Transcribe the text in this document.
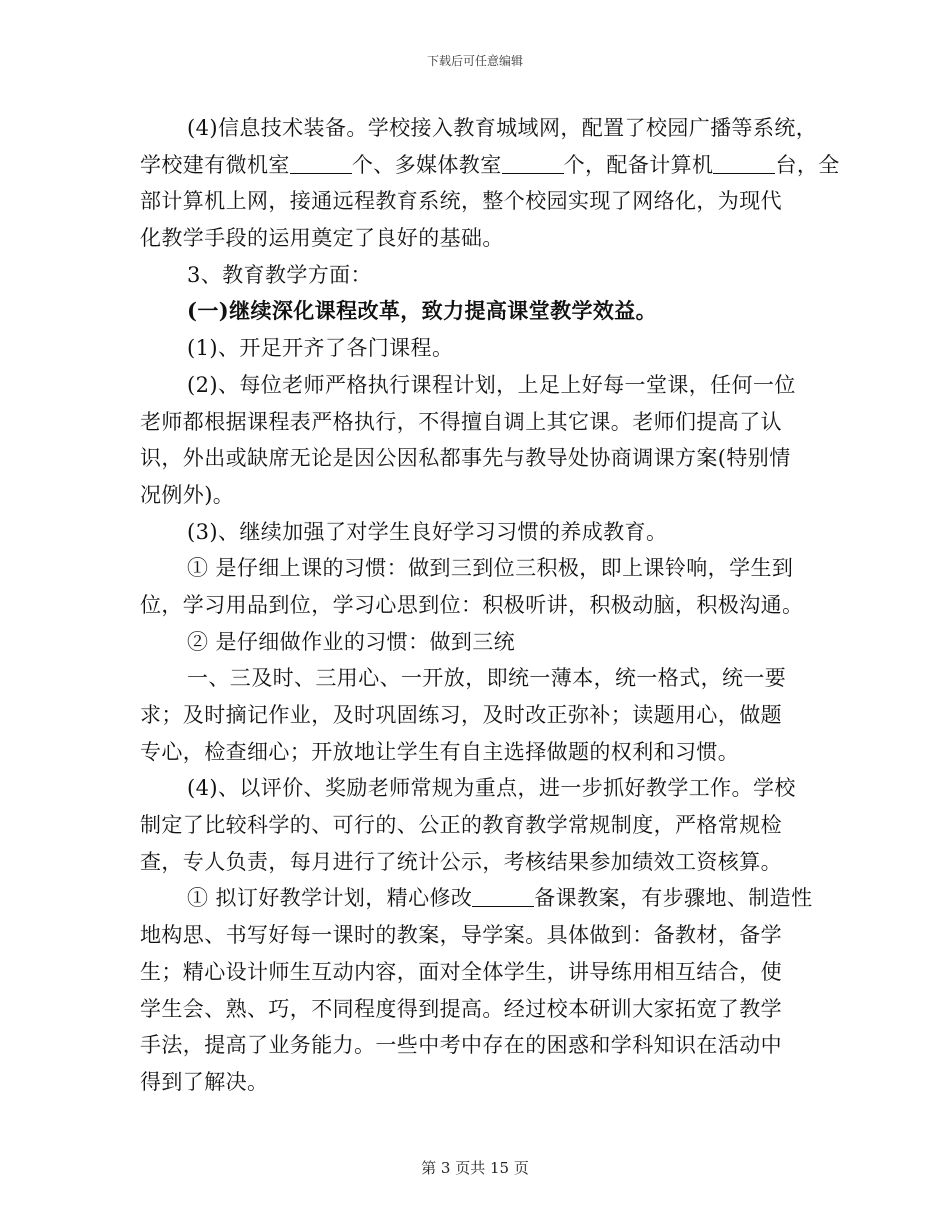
下载后可任意编辑
(4)信息技术装备。学校接入教育城域网，配置了校园广播等系统，
学校建有微机室	个、多媒体教室	个，配备计算机	台，全
部计算机上网，接通远程教育系统，整个校园实现了网络化，为现代
化教学手段的运用奠定了良好的基础。
3、教育教学方面：
(一)继续深化课程改革，致力提高课堂教学效益。
(1)、开足开齐了各门课程。
(2)、每位老师严格执行课程计划，上足上好每一堂课，任何一位
老师都根据课程表严格执行，不得擅自调上其它课。老师们提高了认
识，外出或缺席无论是因公因私都事先与教导处协商调课方案(特别情
况例外)。
(3)、继续加强了对学生良好学习习惯的养成教育。
① 是仔细上课的习惯：做到三到位三积极，即上课铃响，学生到
位，学习用品到位，学习心思到位：积极听讲，积极动脑，积极沟通。
② 是仔细做作业的习惯：做到三统
一、三及时、三用心、一开放，即统一薄本，统一格式，统一要
求；及时摘记作业，及时巩固练习，及时改正弥补；读题用心，做题
专心，检查细心；开放地让学生有自主选择做题的权利和习惯。
(4)、以评价、奖励老师常规为重点，进一步抓好教学工作。学校
制定了比较科学的、可行的、公正的教育教学常规制度，严格常规检
查，专人负责，每月进行了统计公示，考核结果参加绩效工资核算。
① 拟订好教学计划，精心修改	备课教案，有步骤地、制造性
地构思、书写好每一课时的教案，导学案。具体做到：备教材，备学
生；精心设计师生互动内容，面对全体学生，讲导练用相互结合，使
学生会、熟、巧，不同程度得到提高。经过校本研训大家拓宽了教学
手法，提高了业务能力。一些中考中存在的困惑和学科知识在活动中
得到了解决。
第 3 页共 15 页
